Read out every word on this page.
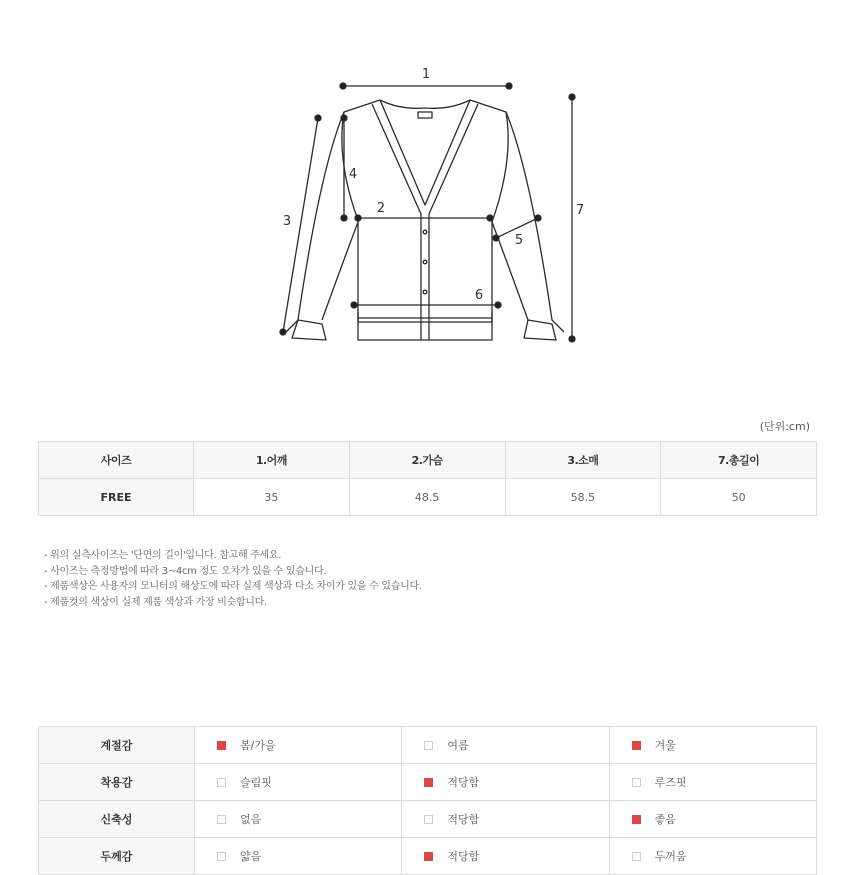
1
2
3
4
5
6
7
(단위:cm)
사이즈	1.어깨	2.가슴	3.소매	7.총길이
FREE	35	48.5	58.5	50
- 위의 실측사이즈는 '단면의 길이'입니다. 참고해 주세요.
- 사이즈는 측정방법에 따라 3~4cm 정도 오차가 있을 수 있습니다.
- 제품색상은 사용자의 모니터의 해상도에 따라 실제 색상과 다소 차이가 있을 수 있습니다.
- 제품컷의 색상이 실제 제품 색상과 가장 비슷합니다.
계절감	봄/가을	여름	겨울

착용감	슬림핏	적당함	루즈핏

신축성	없음	적당함	좋음

두께감	얇음	적당함	두꺼움
